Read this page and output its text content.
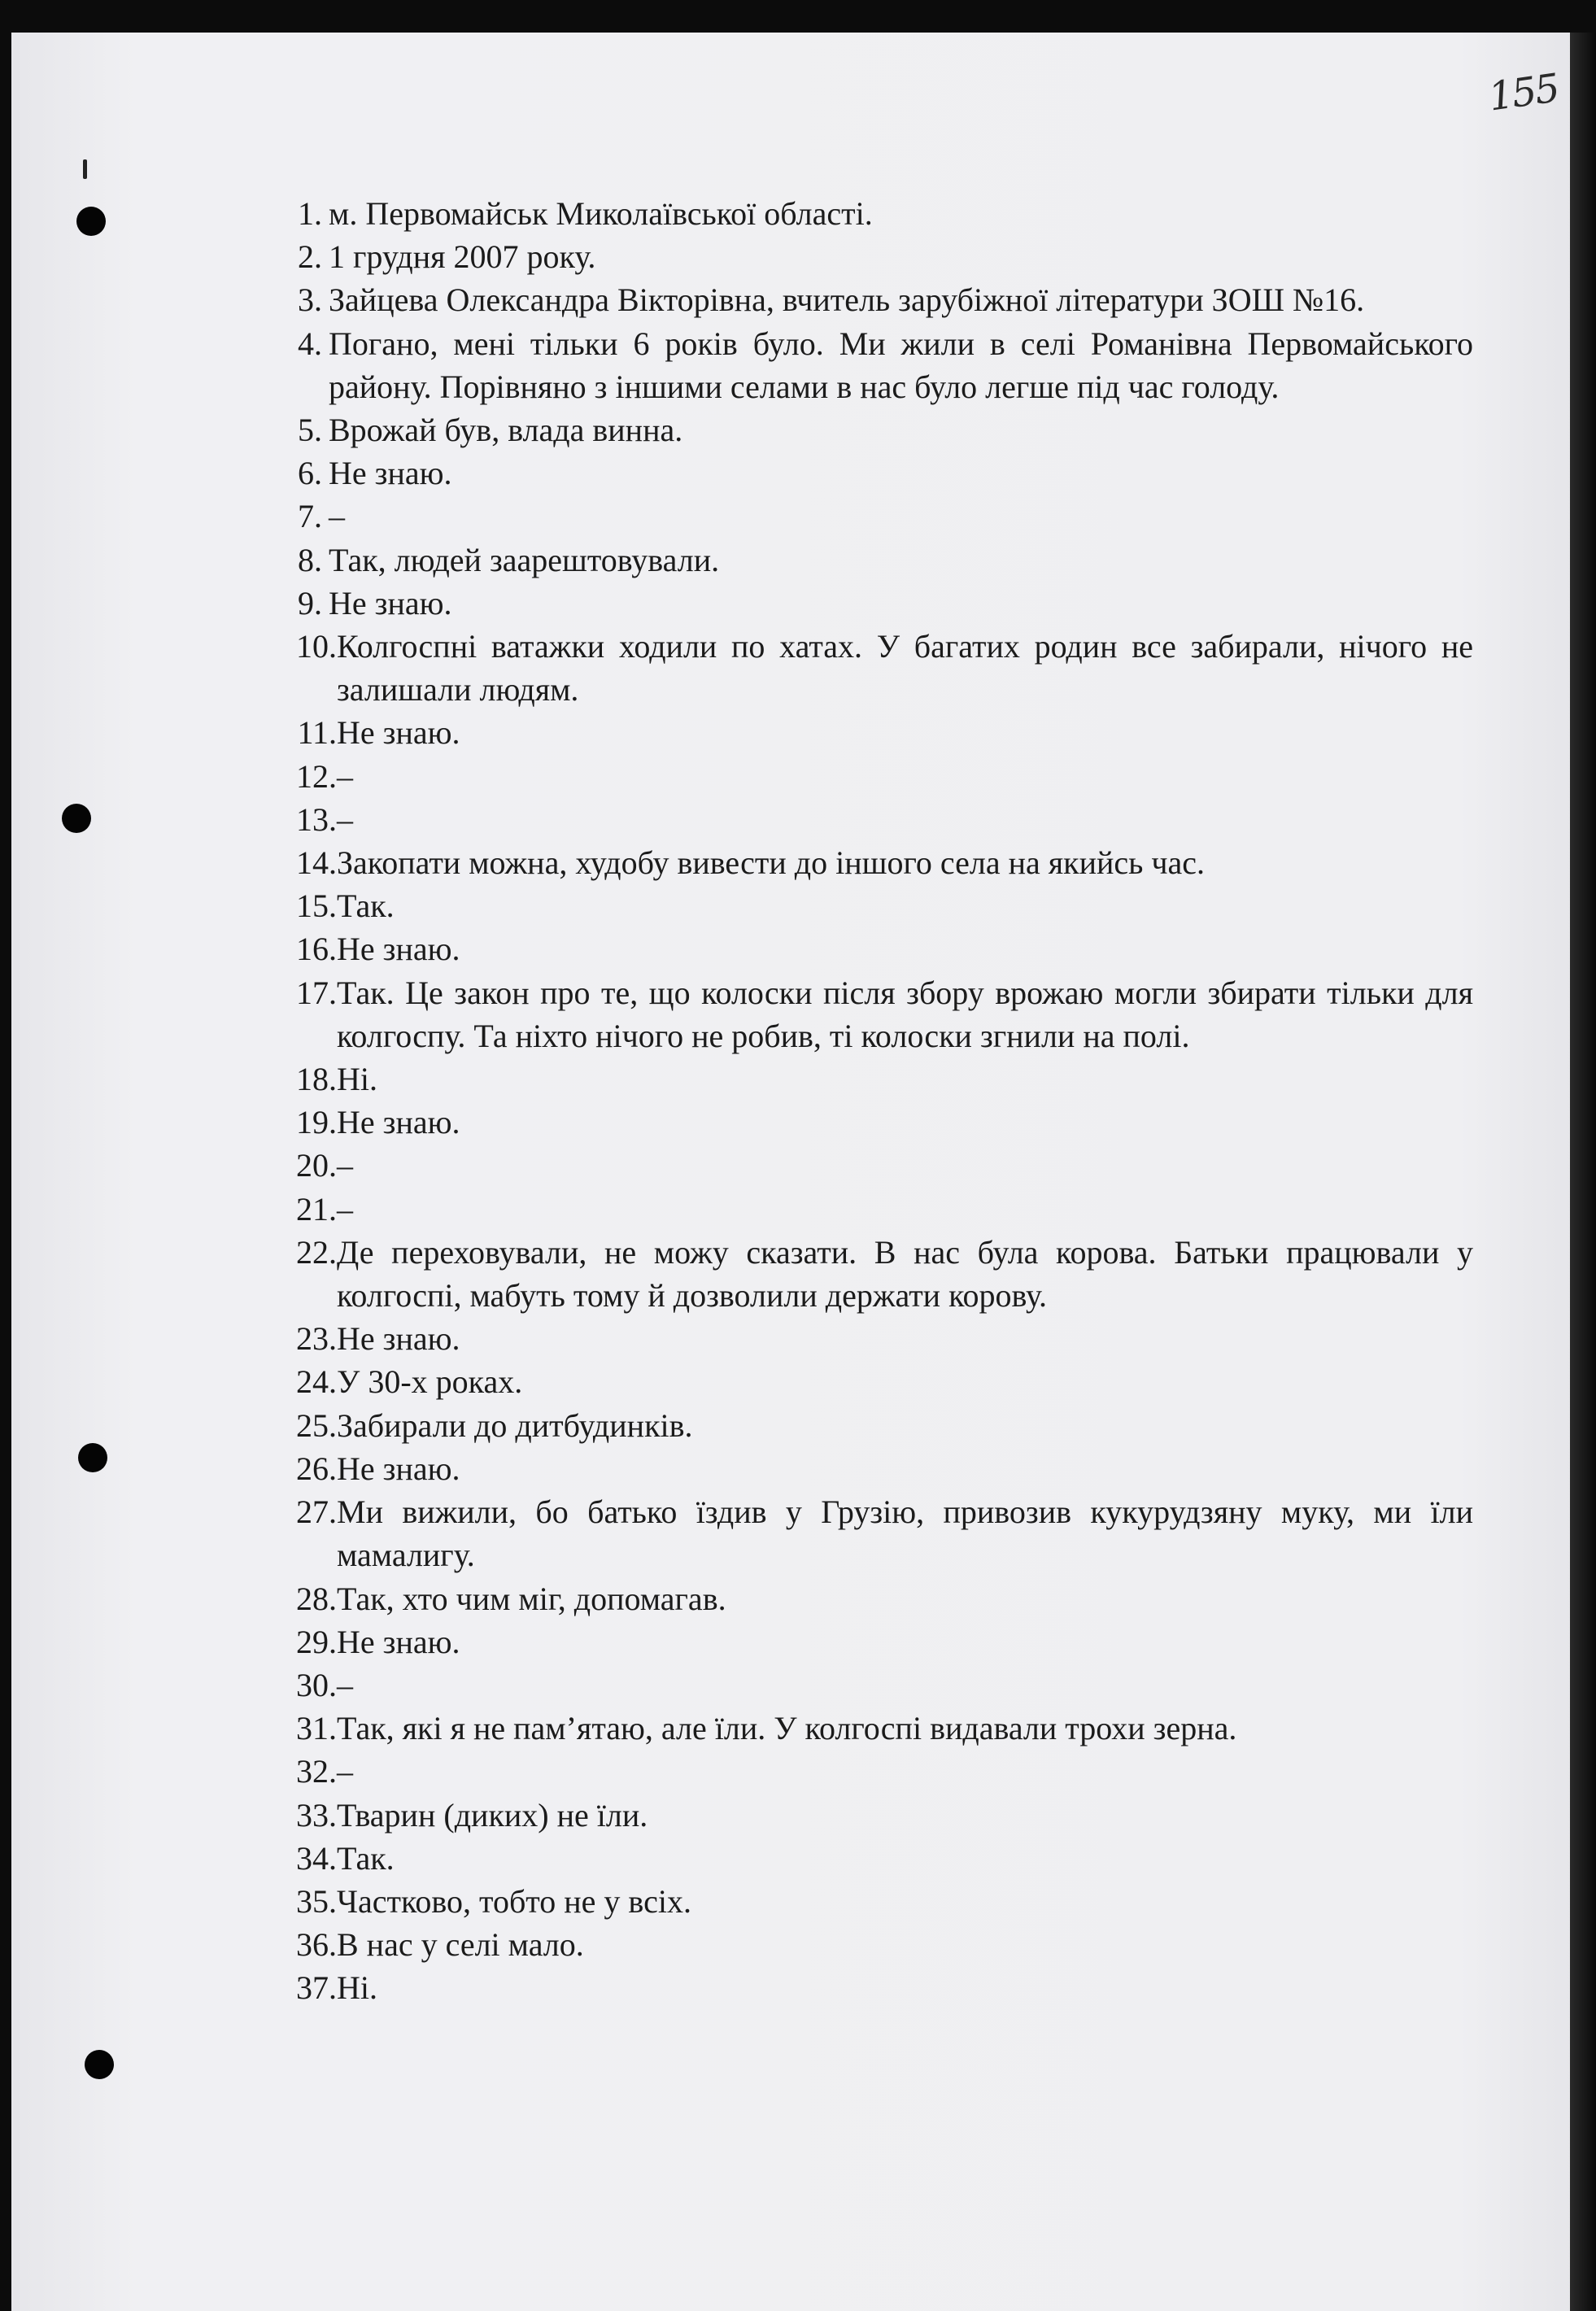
155
1. м. Первомайськ Миколаївської області.
2. 1 грудня 2007 року.
3. Зайцева Олександра Вікторівна, вчитель зарубіжної літератури ЗОШ №16.
4. Погано, мені тільки 6 років було. Ми жили в селі Романівна Первомайського району. Порівняно з іншими селами в нас було легше під час голоду.
5. Врожай був, влада винна.
6. Не знаю.
7. –
8. Так, людей заарештовували.
9. Не знаю.
10. Колгоспні ватажки ходили по хатах. У багатих родин все забирали, нічого не залишали людям.
11. Не знаю.
12. –
13. –
14. Закопати можна, худобу вивести до іншого села на якийсь час.
15. Так.
16. Не знаю.
17. Так. Це закон про те, що колоски після збору врожаю могли збирати тільки для колгоспу. Та ніхто нічого не робив, ті колоски згнили на полі.
18. Ні.
19. Не знаю.
20. –
21. –
22. Де переховували, не можу сказати. В нас була корова. Батьки працювали у колгоспі, мабуть тому й дозволили держати корову.
23. Не знаю.
24. У 30-х роках.
25. Забирали до дитбудинків.
26. Не знаю.
27. Ми вижили, бо батько їздив у Грузію, привозив кукурудзяну муку, ми їли мамалигу.
28. Так, хто чим міг, допомагав.
29. Не знаю.
30. –
31. Так, які я не пам’ятаю, але їли. У колгоспі видавали трохи зерна.
32. –
33. Тварин (диких) не їли.
34. Так.
35. Частково, тобто не у всіх.
36. В нас у селі мало.
37. Ні.
